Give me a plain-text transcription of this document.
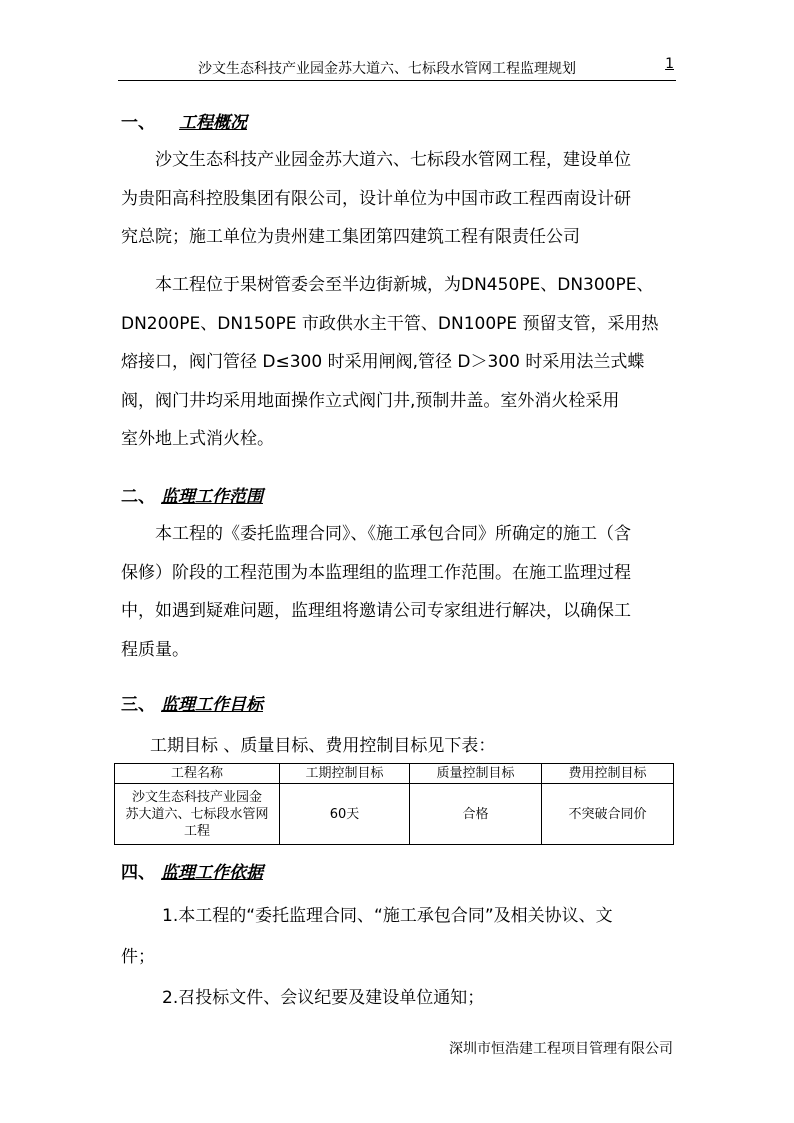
沙文生态科技产业园金苏大道六、七标段水管网工程监理规划	1
一、 工程概况
沙文生态科技产业园金苏大道六、七标段水管网工程，建设单位
为贵阳高科控股集团有限公司，设计单位为中国市政工程西南设计研
究总院；施工单位为贵州建工集团第四建筑工程有限责任公司
本工程位于果树管委会至半边街新城，为DN450PE、DN300PE、
DN200PE、DN150PE 市政供水主干管、DN100PE 预留支管，采用热
熔接口，阀门管径 D≤300 时采用闸阀,管径 D＞300 时采用法兰式蝶
阀，阀门井均采用地面操作立式阀门井,预制井盖。室外消火栓采用
室外地上式消火栓。
二、 监理工作范围
本工程的《委托监理合同》、《施工承包合同》所确定的施工（含
保修）阶段的工程范围为本监理组的监理工作范围。在施工监理过程
中，如遇到疑难问题，监理组将邀请公司专家组进行解决，以确保工
程质量。
三、 监理工作目标
工期目标 、质量目标、费用控制目标见下表：
工程名称	工期控制目标	质量控制目标	费用控制目标

沙文生态科技产业园金
苏大道六、七标段水管网
工程	60天	合格	不突破合同价
四、 监理工作依据
1.本工程的“委托监理合同、“施工承包合同”及相关协议、文
件；
2.召投标文件、会议纪要及建设单位通知；
深圳市恒浩建工程项目管理有限公司
